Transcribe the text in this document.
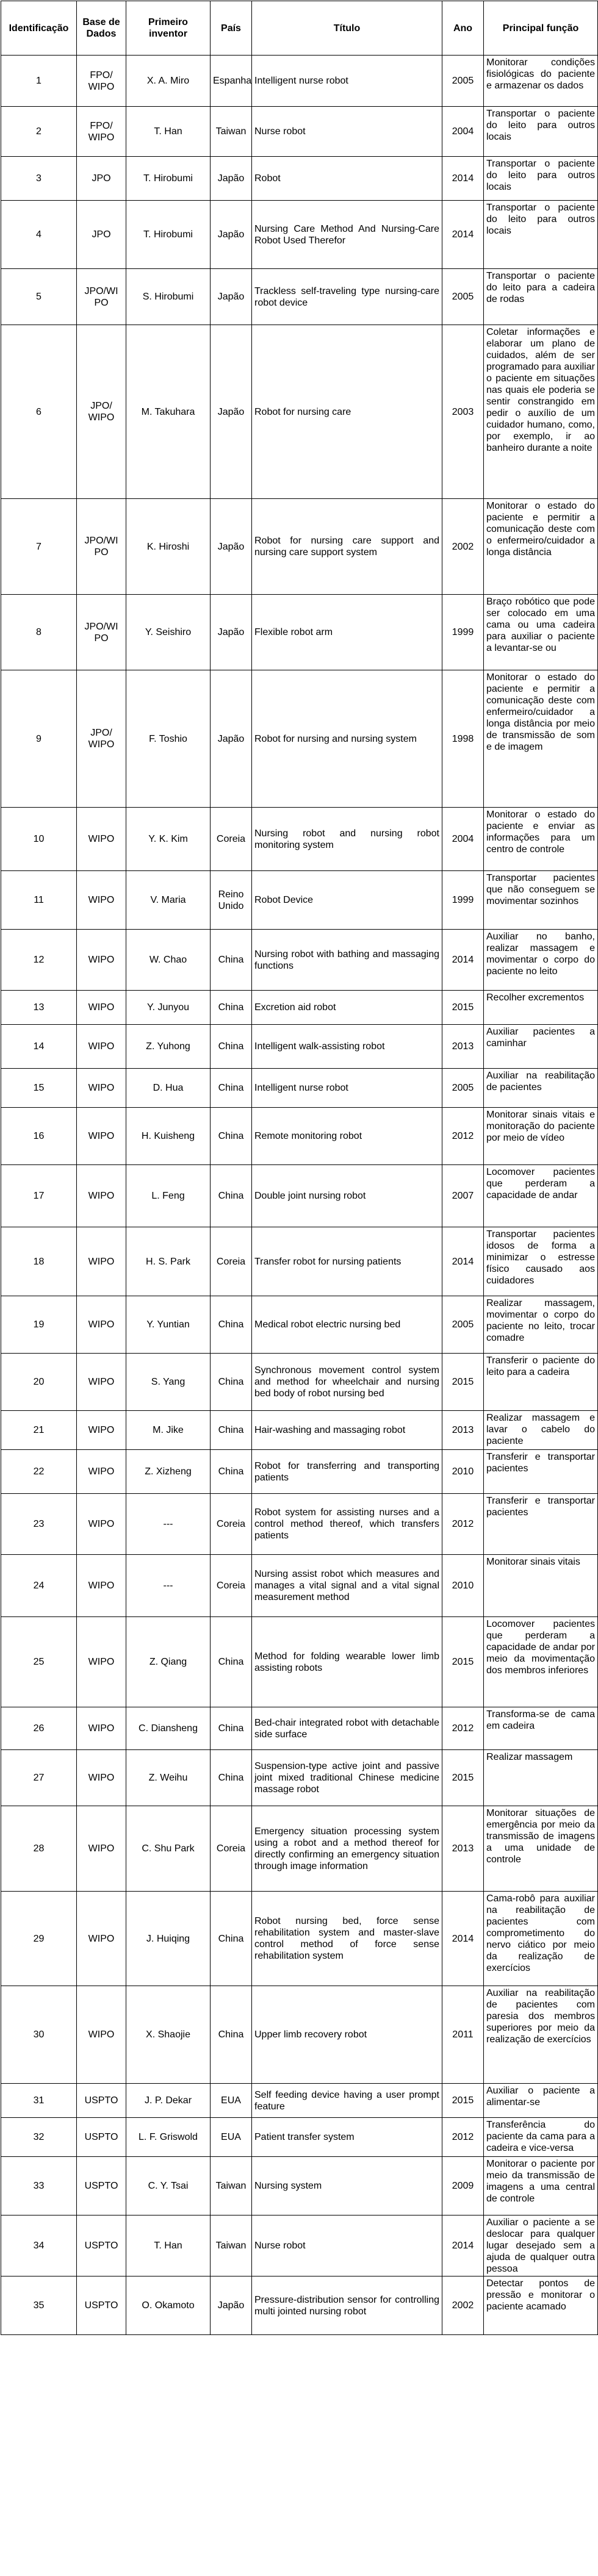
Identificação	Base de Dados	Primeiro inventor	País	Título	Ano	Principal função
1	FPO/ WIPO	X. A. Miro	Espanha	Intelligent nurse robot	2005	Monitorar condições fisiológicas do paciente e armazenar os dados
2	FPO/ WIPO	T. Han	Taiwan	Nurse robot	2004	Transportar o paciente do leito para outros locais
3	JPO	T. Hirobumi	Japão	Robot	2014	Transportar o paciente do leito para outros locais
4	JPO	T. Hirobumi	Japão	Nursing Care Method And Nursing-Care Robot Used Therefor	2014	Transportar o paciente do leito para outros locais
5	JPO/WI PO	S. Hirobumi	Japão	Trackless self-traveling type nursing-care robot device	2005	Transportar o paciente do leito para a cadeira de rodas
6	JPO/ WIPO	M. Takuhara	Japão	Robot for nursing care	2003	Coletar informações e elaborar um plano de cuidados, além de ser programado para auxiliar o paciente em situações nas quais ele poderia se sentir constrangido em pedir o auxílio de um cuidador humano, como, por exemplo, ir ao banheiro durante a noite
7	JPO/WI PO	K. Hiroshi	Japão	Robot for nursing care support and nursing care support system	2002	Monitorar o estado do paciente e permitir a comunicação deste com o enfermeiro/cuidador a longa distância
8	JPO/WI PO	Y. Seishiro	Japão	Flexible robot arm	1999	Braço robótico que pode ser colocado em uma cama ou uma cadeira para auxiliar o paciente a levantar-se ou
9	JPO/ WIPO	F. Toshio	Japão	Robot for nursing and nursing system	1998	Monitorar o estado do paciente e permitir a comunicação deste com enfermeiro/cuidador a longa distância por meio de transmissão de som e de imagem
10	WIPO	Y. K. Kim	Coreia	Nursing robot and nursing robot monitoring system	2004	Monitorar o estado do paciente e enviar as informações para um centro de controle
11	WIPO	V. Maria	Reino Unido	Robot Device	1999	Transportar pacientes que não conseguem se movimentar sozinhos
12	WIPO	W. Chao	China	Nursing robot with bathing and massaging functions	2014	Auxiliar no banho, realizar massagem e movimentar o corpo do paciente no leito
13	WIPO	Y. Junyou	China	Excretion aid robot	2015	Recolher excrementos
14	WIPO	Z. Yuhong	China	Intelligent walk-assisting robot	2013	Auxiliar pacientes a caminhar
15	WIPO	D. Hua	China	Intelligent nurse robot	2005	Auxiliar na reabilitação de pacientes
16	WIPO	H. Kuisheng	China	Remote monitoring robot	2012	Monitorar sinais vitais e monitoração do paciente por meio de vídeo
17	WIPO	L. Feng	China	Double joint nursing robot	2007	Locomover pacientes que perderam a capacidade de andar
18	WIPO	H. S. Park	Coreia	Transfer robot for nursing patients	2014	Transportar pacientes idosos de forma a minimizar o estresse físico causado aos cuidadores
19	WIPO	Y. Yuntian	China	Medical robot electric nursing bed	2005	Realizar massagem, movimentar o corpo do paciente no leito, trocar comadre
20	WIPO	S. Yang	China	Synchronous movement control system and method for wheelchair and nursing bed body of robot nursing bed	2015	Transferir o paciente do leito para a cadeira
21	WIPO	M. Jike	China	Hair-washing and massaging robot	2013	Realizar massagem e lavar o cabelo do paciente
22	WIPO	Z. Xizheng	China	Robot for transferring and transporting patients	2010	Transferir e transportar pacientes
23	WIPO	---	Coreia	Robot system for assisting nurses and a control method thereof, which transfers patients	2012	Transferir e transportar pacientes
24	WIPO	---	Coreia	Nursing assist robot which measures and manages a vital signal and a vital signal measurement method	2010	Monitorar sinais vitais
25	WIPO	Z. Qiang	China	Method for folding wearable lower limb assisting robots	2015	Locomover pacientes que perderam a capacidade de andar por meio da movimentação dos membros inferiores
26	WIPO	C. Diansheng	China	Bed-chair integrated robot with detachable side surface	2012	Transforma-se de cama em cadeira
27	WIPO	Z. Weihu	China	Suspension-type active joint and passive joint mixed traditional Chinese medicine massage robot	2015	Realizar massagem
28	WIPO	C. Shu Park	Coreia	Emergency situation processing system using a robot and a method thereof for directly confirming an emergency situation through image information	2013	Monitorar situações de emergência por meio da transmissão de imagens a uma unidade de controle
29	WIPO	J. Huiqing	China	Robot nursing bed, force sense rehabilitation system and master-slave control method of force sense rehabilitation system	2014	Cama-robô para auxiliar na reabilitação de pacientes com comprometimento do nervo ciático por meio da realização de exercícios
30	WIPO	X. Shaojie	China	Upper limb recovery robot	2011	Auxiliar na reabilitação de pacientes com paresia dos membros superiores por meio da realização de exercícios
31	USPTO	J. P. Dekar	EUA	Self feeding device having a user prompt feature	2015	Auxiliar o paciente a alimentar-se
32	USPTO	L. F. Griswold	EUA	Patient transfer system	2012	Transferência do paciente da cama para a cadeira e vice-versa
33	USPTO	C. Y. Tsai	Taiwan	Nursing system	2009	Monitorar o paciente por meio da transmissão de imagens a uma central de controle
34	USPTO	T. Han	Taiwan	Nurse robot	2014	Auxiliar o paciente a se deslocar para qualquer lugar desejado sem a ajuda de qualquer outra pessoa
35	USPTO	O. Okamoto	Japão	Pressure-distribution sensor for controlling multi jointed nursing robot	2002	Detectar pontos de pressão e monitorar o paciente acamado
